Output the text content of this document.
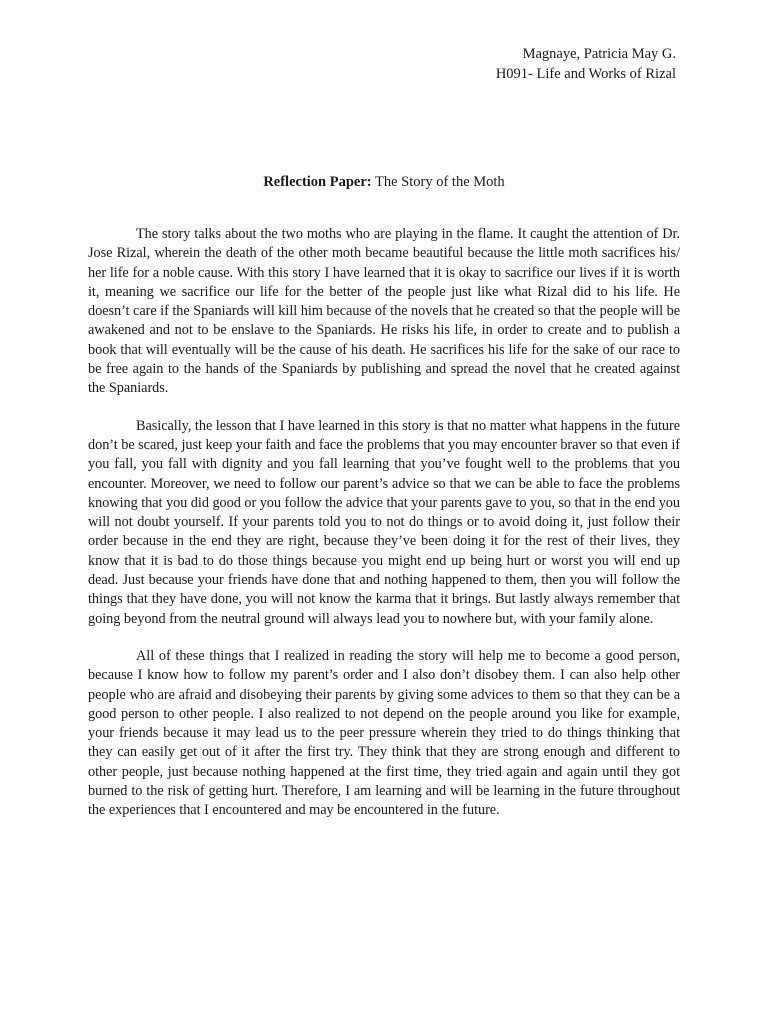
Magnaye, Patricia May G.
H091- Life and Works of Rizal
Reflection Paper: The Story of the Moth

The story talks about the two moths who are playing in the flame. It caught the attention of Dr. Jose Rizal, wherein the death of the other moth became beautiful because the little moth sacrifices his/ her life for a noble cause. With this story I have learned that it is okay to sacrifice our lives if it is worth it, meaning we sacrifice our life for the better of the people just like what Rizal did to his life. He doesn’t care if the Spaniards will kill him because of the novels that he created so that the people will be awakened and not to be enslave to the Spaniards. He risks his life, in order to create and to publish a book that will eventually will be the cause of his death. He sacrifices his life for the sake of our race to be free again to the hands of the Spaniards by publishing and spread the novel that he created against the Spaniards.

Basically, the lesson that I have learned in this story is that no matter what happens in the future don’t be scared, just keep your faith and face the problems that you may encounter braver so that even if you fall, you fall with dignity and you fall learning that you’ve fought well to the problems that you encounter. Moreover, we need to follow our parent’s advice so that we can be able to face the problems knowing that you did good or you follow the advice that your parents gave to you, so that in the end you will not doubt yourself. If your parents told you to not do things or to avoid doing it, just follow their order because in the end they are right, because they’ve been doing it for the rest of their lives, they know that it is bad to do those things because you might end up being hurt or worst you will end up dead. Just because your friends have done that and nothing happened to them, then you will follow the things that they have done, you will not know the karma that it brings. But lastly always remember that going beyond from the neutral ground will always lead you to nowhere but, with your family alone.

All of these things that I realized in reading the story will help me to become a good person, because I know how to follow my parent’s order and I also don’t disobey them. I can also help other people who are afraid and disobeying their parents by giving some advices to them so that they can be a good person to other people. I also realized to not depend on the people around you like for example, your friends because it may lead us to the peer pressure wherein they tried to do things thinking that they can easily get out of it after the first try. They think that they are strong enough and different to other people, just because nothing happened at the first time, they tried again and again until they got burned to the risk of getting hurt. Therefore, I am learning and will be learning in the future throughout the experiences that I encountered and may be encountered in the future.
